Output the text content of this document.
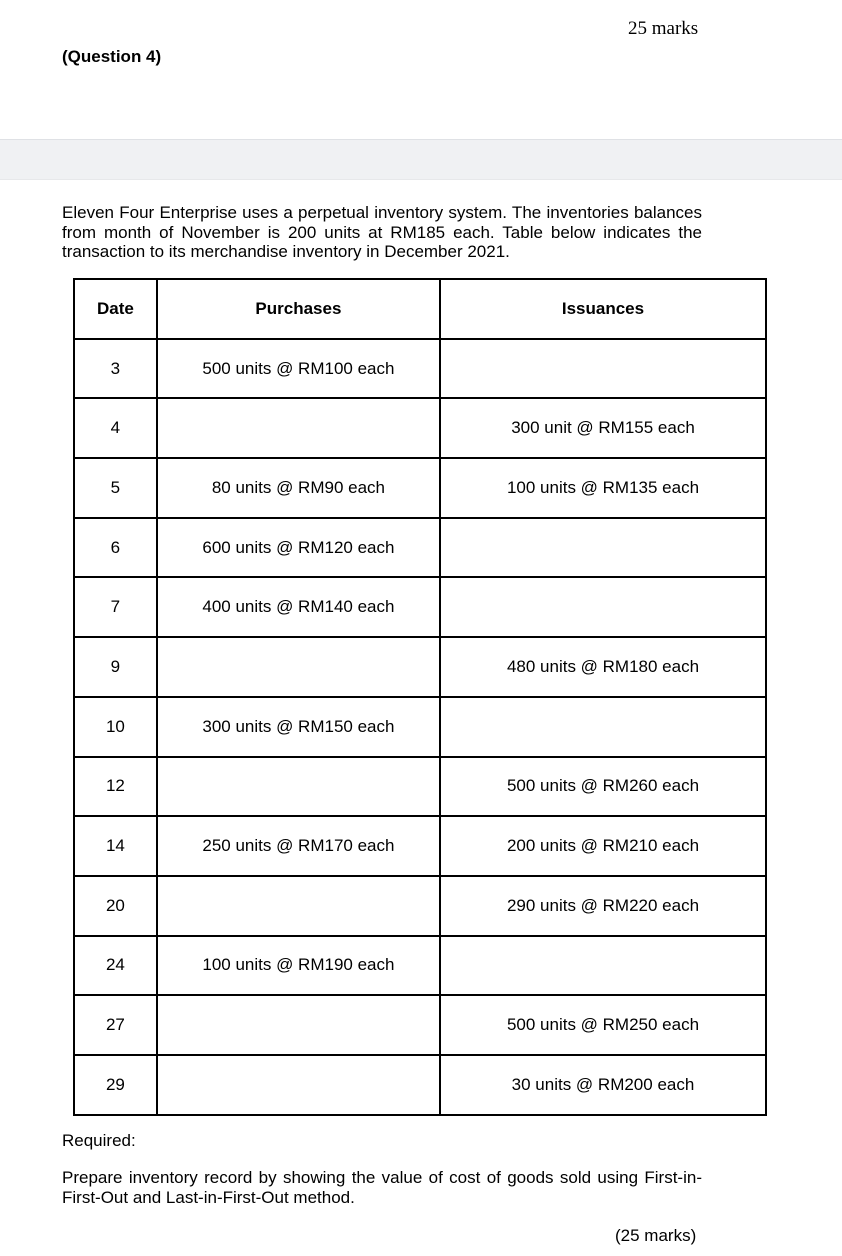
25 marks
(Question 4)

Eleven Four Enterprise uses a perpetual inventory system. The inventories balances from month of November is 200 units at RM185 each. Table below indicates the transaction to its merchandise inventory in December 2021.

Date	Purchases	Issuances
3	500 units @ RM100 each	
4		300 unit @ RM155 each
5	80 units @ RM90 each	100 units @ RM135 each
6	600 units @ RM120 each	
7	400 units @ RM140 each	
9		480 units @ RM180 each
10	300 units @ RM150 each	
12		500 units @ RM260 each
14	250 units @ RM170 each	200 units @ RM210 each
20		290 units @ RM220 each
24	100 units @ RM190 each	
27		500 units @ RM250 each
29		30 units @ RM200 each
Required:

Prepare inventory record by showing the value of cost of goods sold using First-in-First-Out and Last-in-First-Out method.

(25 marks)
